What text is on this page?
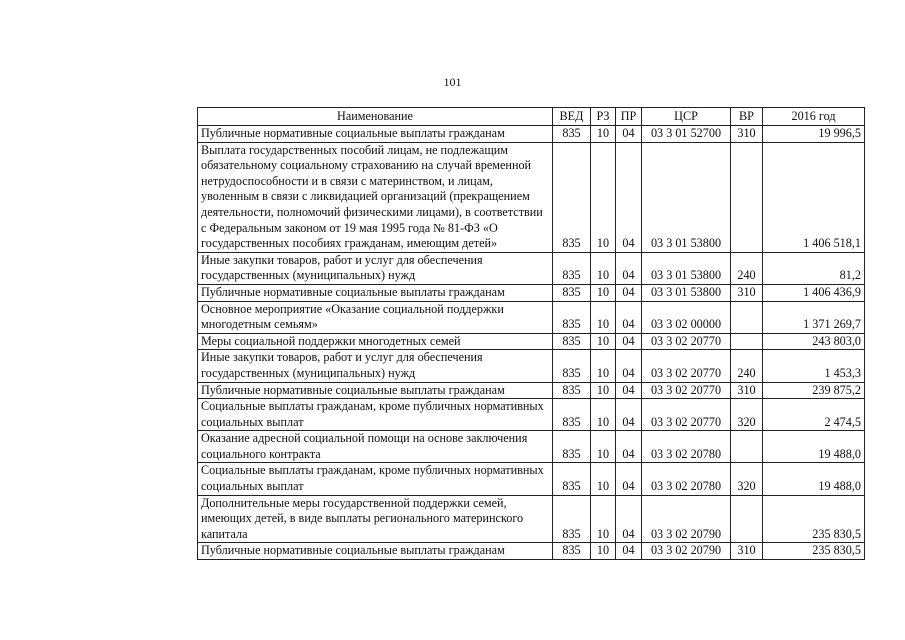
101
Наименование	ВЕД	РЗ	ПР	ЦСР	ВР	2016 год
Публичные нормативные социальные выплаты гражданам	835	10	04	03 3 01 52700	310	19 996,5
Выплата государственных пособий лицам, не подлежащим обязательному социальному страхованию на случай временной нетрудоспособности и в связи с материнством, и лицам, уволенным в связи с ликвидацией организаций (прекращением деятельности, полномочий физическими лицами), в соответствии с Федеральным законом от 19 мая 1995 года № 81-ФЗ «О государственных пособиях гражданам, имеющим детей»	835	10	04	03 3 01 53800		1 406 518,1
Иные закупки товаров, работ и услуг для обеспечения государственных (муниципальных) нужд	835	10	04	03 3 01 53800	240	81,2
Публичные нормативные социальные выплаты гражданам	835	10	04	03 3 01 53800	310	1 406 436,9
Основное мероприятие «Оказание социальной поддержки многодетным семьям»	835	10	04	03 3 02 00000		1 371 269,7
Меры социальной поддержки многодетных семей	835	10	04	03 3 02 20770		243 803,0
Иные закупки товаров, работ и услуг для обеспечения государственных (муниципальных) нужд	835	10	04	03 3 02 20770	240	1 453,3
Публичные нормативные социальные выплаты гражданам	835	10	04	03 3 02 20770	310	239 875,2
Социальные выплаты гражданам, кроме публичных нормативных социальных выплат	835	10	04	03 3 02 20770	320	2 474,5
Оказание адресной социальной помощи на основе заключения социального контракта	835	10	04	03 3 02 20780		19 488,0
Социальные выплаты гражданам, кроме публичных нормативных социальных выплат	835	10	04	03 3 02 20780	320	19 488,0
Дополнительные меры государственной поддержки семей, имеющих детей, в виде выплаты регионального материнского капитала	835	10	04	03 3 02 20790		235 830,5
Публичные нормативные социальные выплаты гражданам	835	10	04	03 3 02 20790	310	235 830,5
